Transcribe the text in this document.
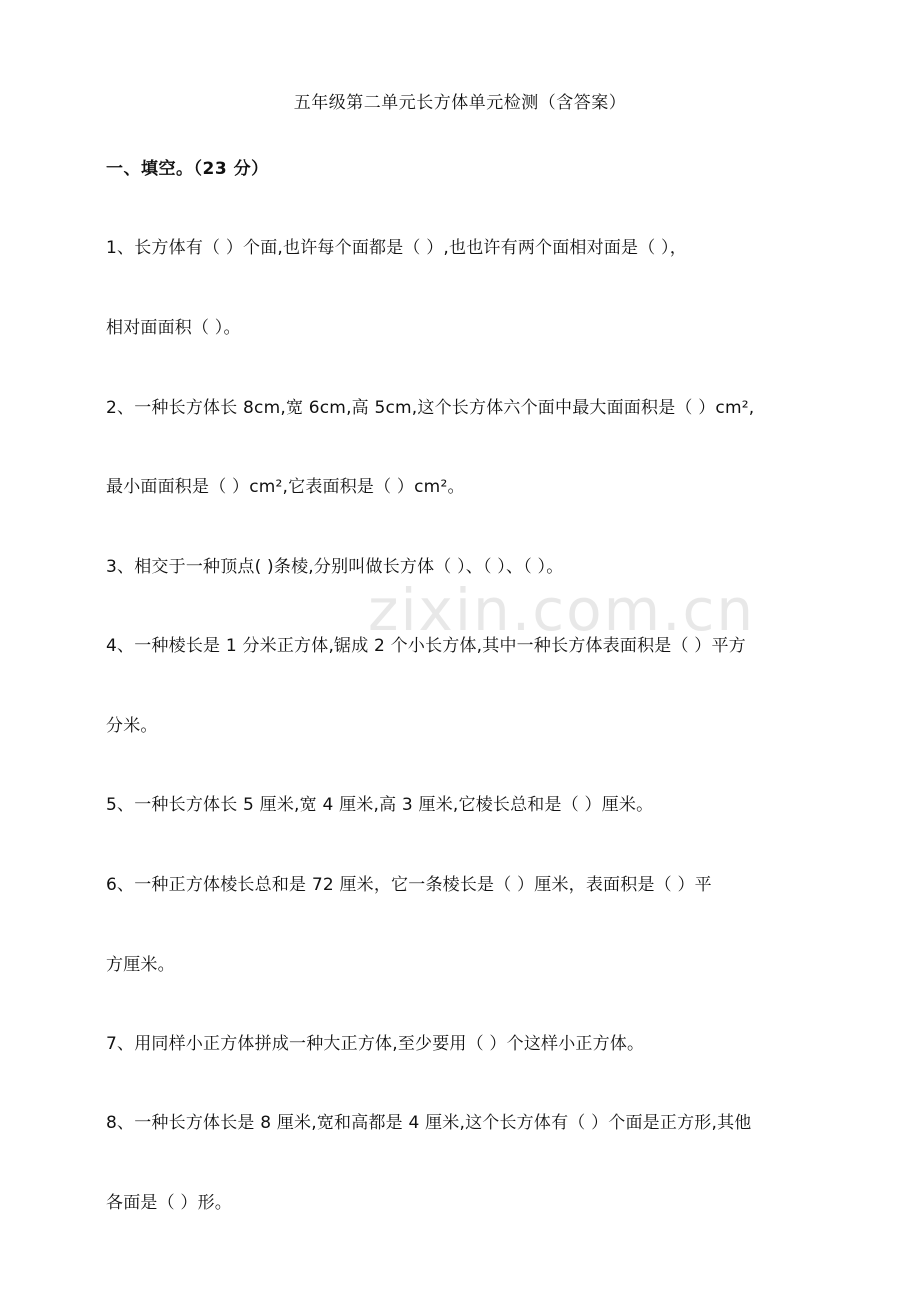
zixin.com.cn
五年级第二单元长方体单元检测（含答案）
一、填空。（23 分）
1、长方体有（ ）个面,也许每个面都是（ ）,也也许有两个面相对面是（ ），
相对面面积（ ）。
2、一种长方体长 8cm,宽 6cm,高 5cm,这个长方体六个面中最大面面积是（ ）cm²,
最小面面积是（ ）cm²,它表面积是（ ）cm²。
3、相交于一种顶点( )条棱,分别叫做长方体（ ）、（ ）、（ ）。
4、一种棱长是 1 分米正方体,锯成 2 个小长方体,其中一种长方体表面积是（ ）平方
分米。
5、一种长方体长 5 厘米,宽 4 厘米,高 3 厘米,它棱长总和是（ ）厘米。
6、一种正方体棱长总和是 72 厘米，它一条棱长是（ ）厘米，表面积是（ ）平
方厘米。
7、用同样小正方体拼成一种大正方体,至少要用（ ）个这样小正方体。
8、一种长方体长是 8 厘米,宽和高都是 4 厘米,这个长方体有（ ）个面是正方形,其他
各面是（ ）形。
